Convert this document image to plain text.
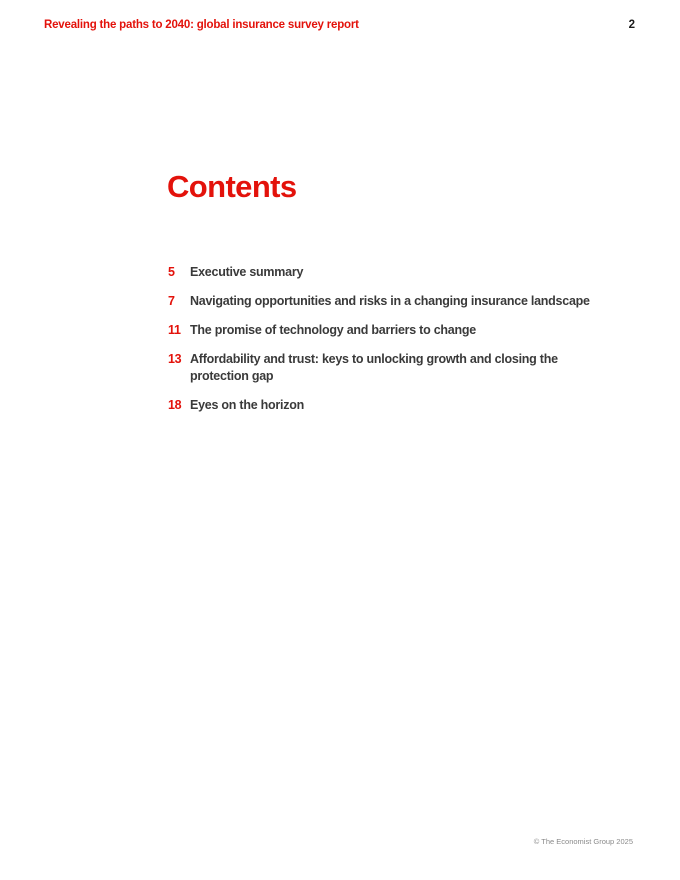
Revealing the paths to 2040: global insurance survey report	2
Contents
5	Executive summary
7	Navigating opportunities and risks in a changing insurance landscape
11 The promise of technology and barriers to change
13 Affordability and trust: keys to unlocking growth and closing the protection gap
18 Eyes on the horizon
© The Economist Group 2025
